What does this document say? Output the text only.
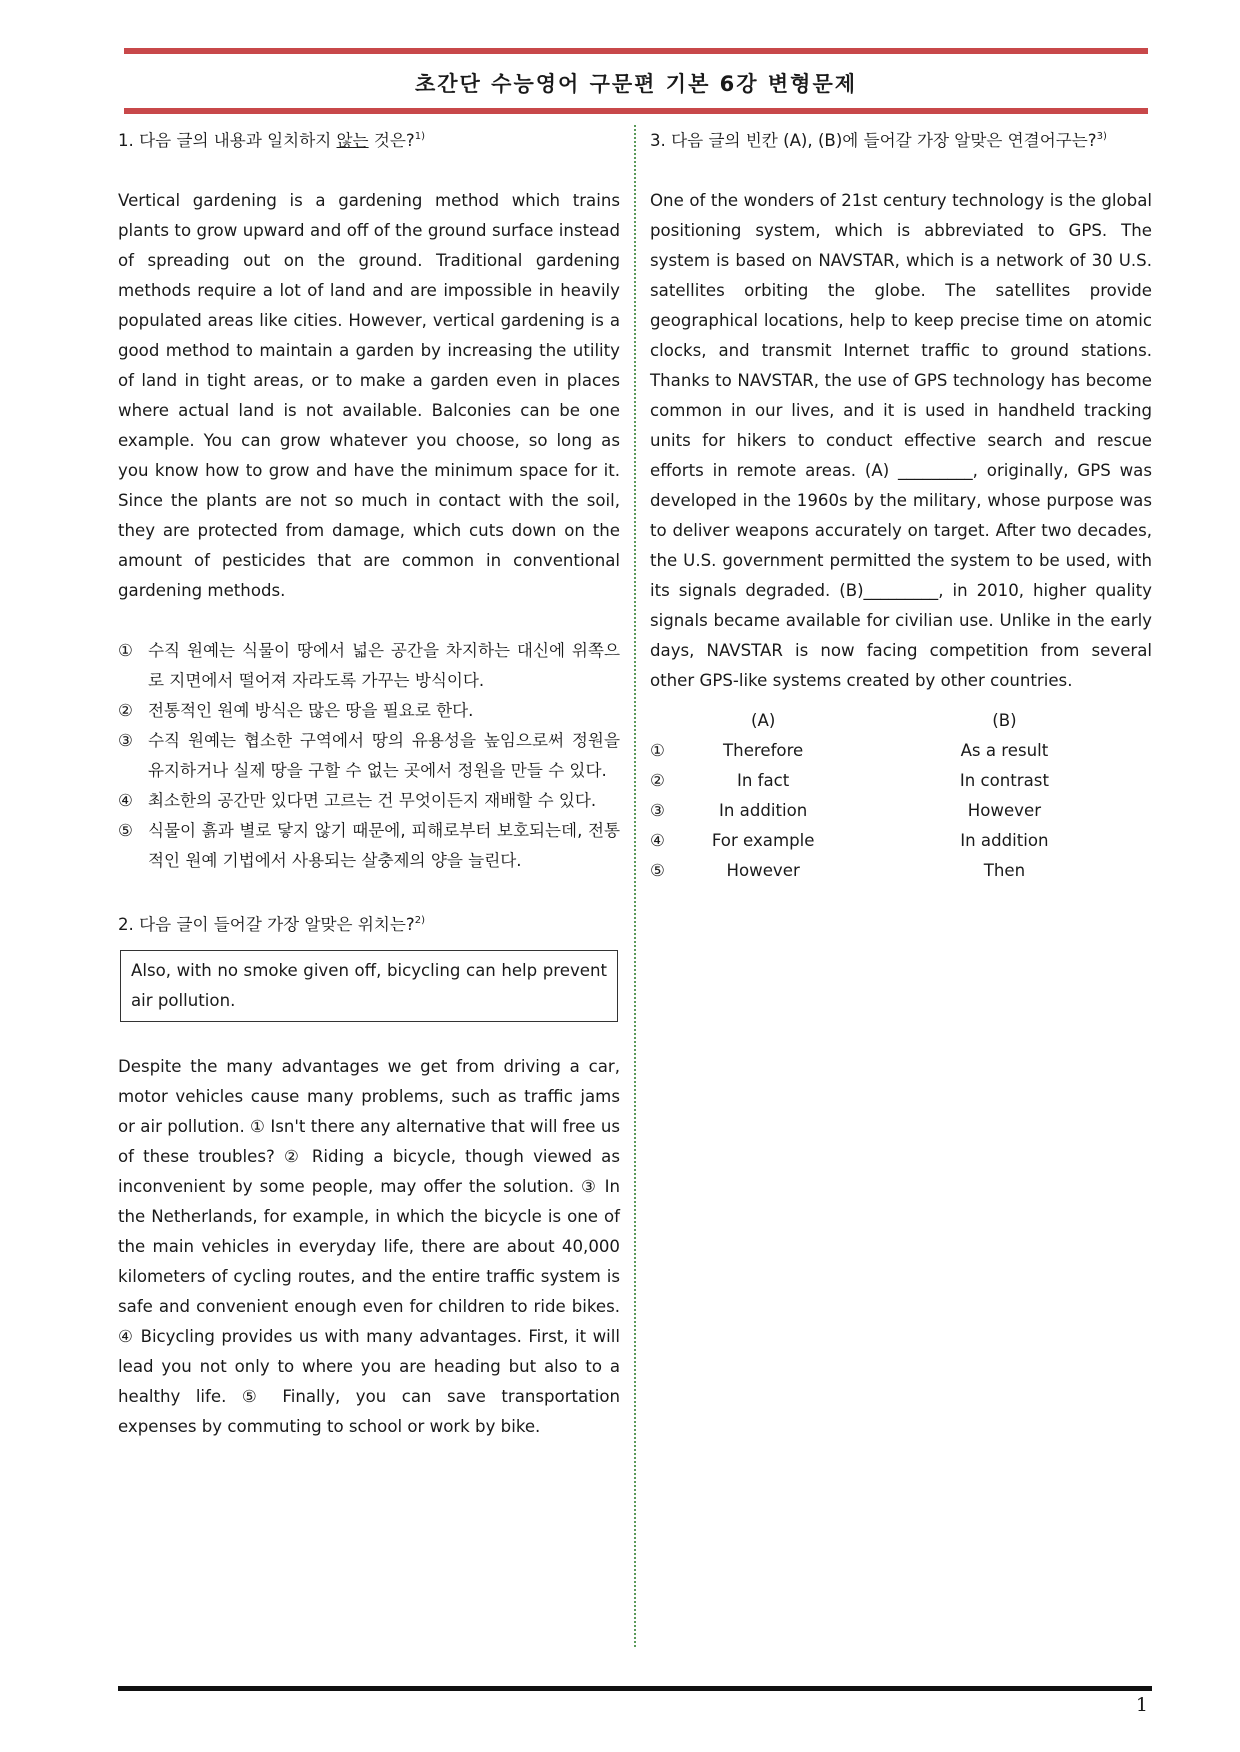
초간단 수능영어 구문편 기본 6강 변형문제

1. 다음 글의 내용과 일치하지 않는 것은?$^{1)}$

Vertical gardening is a gardening method which trains plants to grow upward and off of the ground surface instead of spreading out on the ground. Traditional gardening methods require a lot of land and are impossible in heavily populated areas like cities. However, vertical gardening is a good method to maintain a garden by increasing the utility of land in tight areas, or to make a garden even in places where actual land is not available. Balconies can be one example. You can grow whatever you choose, so long as you know how to grow and have the minimum space for it. Since the plants are not so much in contact with the soil, they are protected from damage, which cuts down on the amount of pesticides that are common in conventional gardening methods.

① 수직 원예는 식물이 땅에서 넓은 공간을 차지하는 대신에 위쪽으로 지면에서 떨어져 자라도록 가꾸는 방식이다.
② 전통적인 원예 방식은 많은 땅을 필요로 한다.
③ 수직 원예는 협소한 구역에서 땅의 유용성을 높임으로써 정원을 유지하거나 실제 땅을 구할 수 없는 곳에서 정원을 만들 수 있다.
④ 최소한의 공간만 있다면 고르는 건 무엇이든지 재배할 수 있다.
⑤ 식물이 흙과 별로 닿지 않기 때문에, 피해로부터 보호되는데, 전통적인 원예 기법에서 사용되는 살충제의 양을 늘린다.

2. 다음 글이 들어갈 가장 알맞은 위치는?$^{2)}$

Also, with no smoke given off, bicycling can help prevent air pollution.

Despite the many advantages we get from driving a car, motor vehicles cause many problems, such as traffic jams or air pollution. ① Isn't there any alternative that will free us of these troubles? ② Riding a bicycle, though viewed as inconvenient by some people, may offer the solution. ③ In the Netherlands, for example, in which the bicycle is one of the main vehicles in everyday life, there are about 40,000 kilometers of cycling routes, and the entire traffic system is safe and convenient enough even for children to ride bikes. ④ Bicycling provides us with many advantages. First, it will lead you not only to where you are heading but also to a healthy life. ⑤ Finally, you can save transportation expenses by commuting to school or work by bike.

3. 다음 글의 빈칸 (A), (B)에 들어갈 가장 알맞은 연결어구는?$^{3)}$

One of the wonders of 21st century technology is the global positioning system, which is abbreviated to GPS. The system is based on NAVSTAR, which is a network of 30 U.S. satellites orbiting the globe. The satellites provide geographical locations, help to keep precise time on atomic clocks, and transmit Internet traffic to ground stations. Thanks to NAVSTAR, the use of GPS technology has become common in our lives, and it is used in handheld tracking units for hikers to conduct effective search and rescue efforts in remote areas. (A) _________, originally, GPS was developed in the 1960s by the military, whose purpose was to deliver weapons accurately on target. After two decades, the U.S. government permitted the system to be used, with its signals degraded. (B)_________, in 2010, higher quality signals became available for civilian use. Unlike in the early days, NAVSTAR is now facing competition from several other GPS-like systems created by other countries.

(A)	(B)
①	Therefore	As a result
②	In fact	In contrast
③	In addition	However
④	For example	In addition
⑤	However	Then
1
